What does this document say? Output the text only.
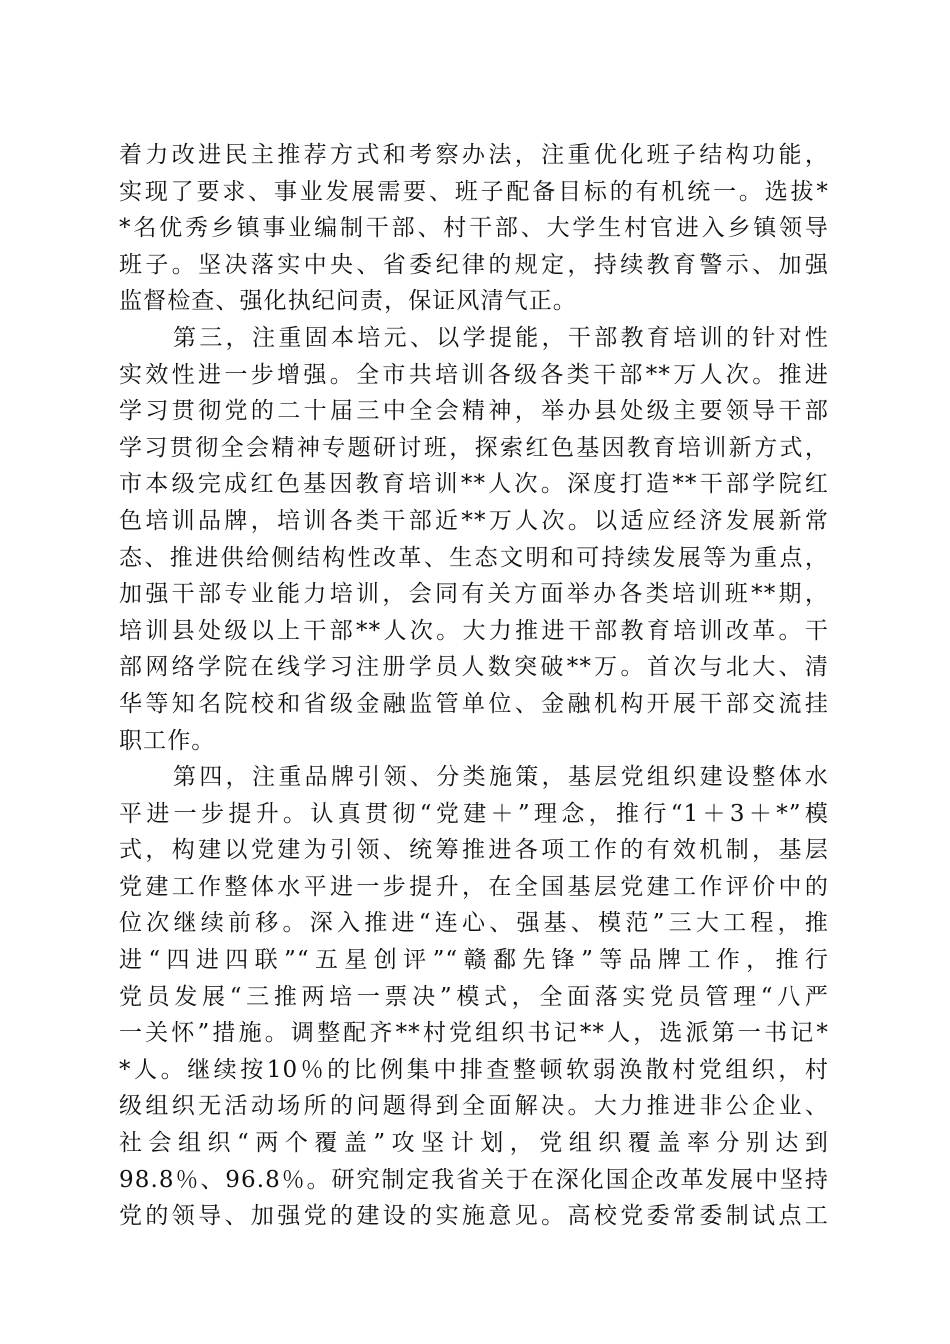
着力改进民主推荐方式和考察办法，注重优化班子结构功能，
实现了要求、事业发展需要、班子配备目标的有机统一。选拔*
*名优秀乡镇事业编制干部、村干部、大学生村官进入乡镇领导
班子。坚决落实中央、省委纪律的规定，持续教育警示、加强
监督检查、强化执纪问责，保证风清气正。
第三，注重固本培元、以学提能，干部教育培训的针对性
实效性进一步增强。全市共培训各级各类干部**万人次。推进
学习贯彻党的二十届三中全会精神，举办县处级主要领导干部
学习贯彻全会精神专题研讨班，探索红色基因教育培训新方式，
市本级完成红色基因教育培训**人次。深度打造**干部学院红
色培训品牌，培训各类干部近**万人次。以适应经济发展新常
态、推进供给侧结构性改革、生态文明和可持续发展等为重点，
加强干部专业能力培训，会同有关方面举办各类培训班**期，
培训县处级以上干部**人次。大力推进干部教育培训改革。干
部网络学院在线学习注册学员人数突破**万。首次与北大、清
华等知名院校和省级金融监管单位、金融机构开展干部交流挂
职工作。
第四，注重品牌引领、分类施策，基层党组织建设整体水
平进一步提升。认真贯彻“党建＋”理念，推行“1＋3＋*”模
式，构建以党建为引领、统筹推进各项工作的有效机制，基层
党建工作整体水平进一步提升，在全国基层党建工作评价中的
位次继续前移。深入推进“连心、强基、模范”三大工程，推
进“四进四联”“五星创评”“赣鄱先锋”等品牌工作，推行
党员发展“三推两培一票决”模式，全面落实党员管理“八严
一关怀”措施。调整配齐**村党组织书记**人，选派第一书记*
*人。继续按10％的比例集中排查整顿软弱涣散村党组织，村
级组织无活动场所的问题得到全面解决。大力推进非公企业、
社会组织“两个覆盖”攻坚计划，党组织覆盖率分别达到
98.8％、96.8％。研究制定我省关于在深化国企改革发展中坚持
党的领导、加强党的建设的实施意见。高校党委常委制试点工
